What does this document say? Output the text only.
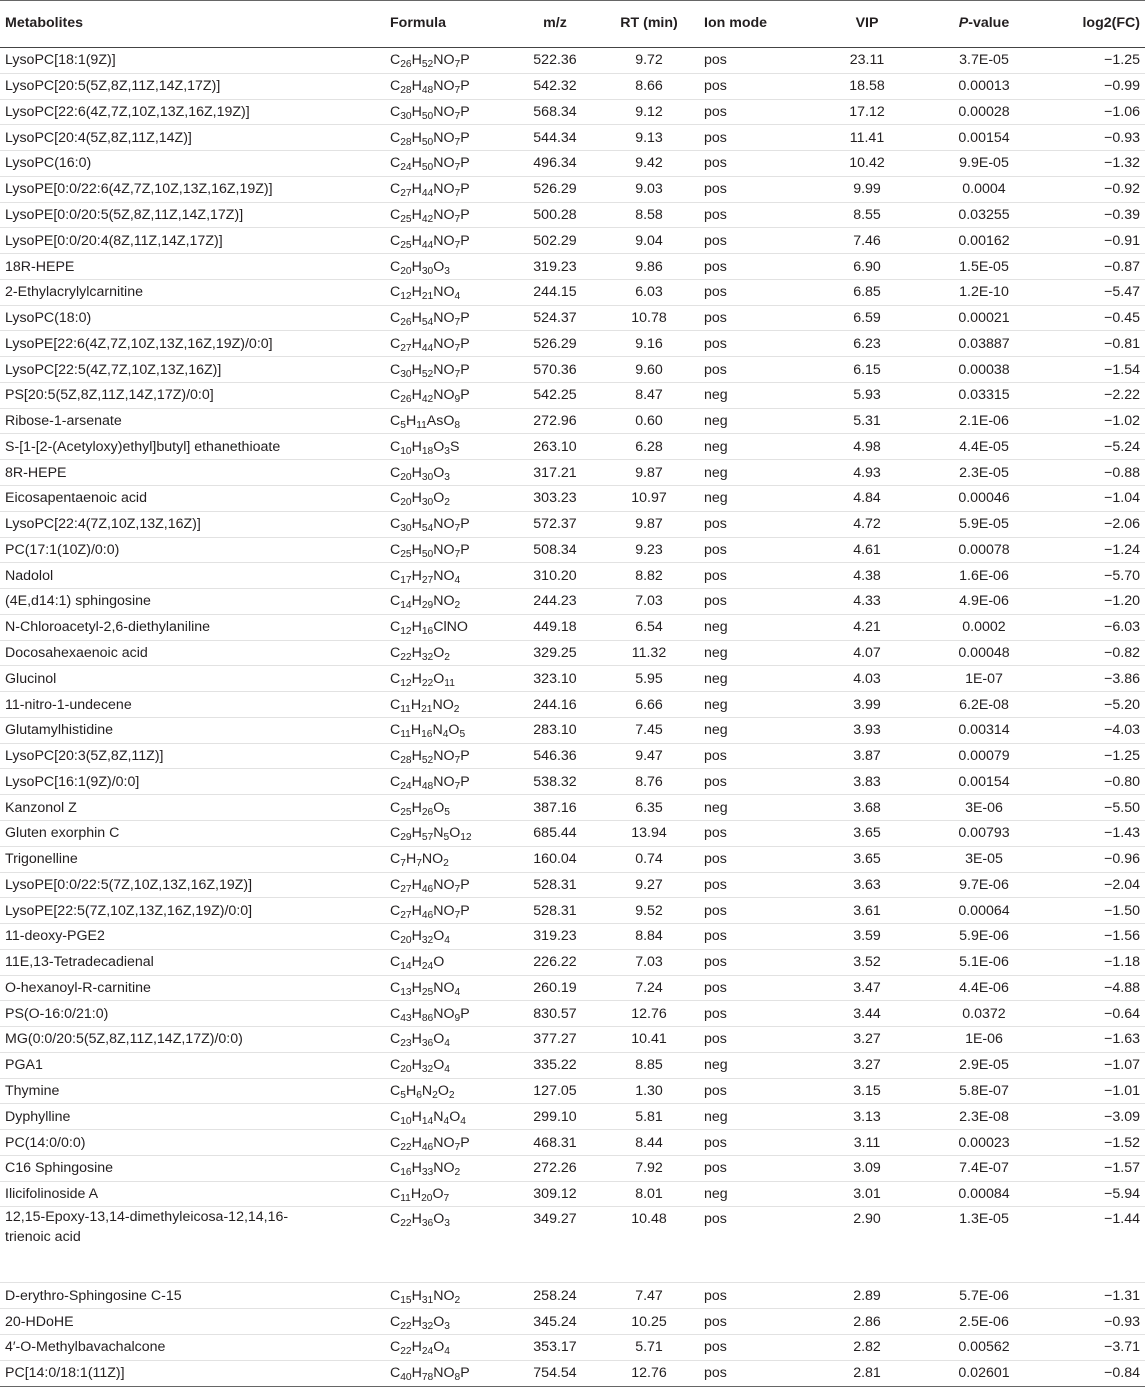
Metabolites	Formula	m/z	RT (min)	Ion mode	VIP	P-value	log2(FC)
LysoPC[18:1(9Z)]	$C_{26}H_{52}NO_7P$	522.36	9.72	pos	23.11	3.7E-05	−1.25
LysoPC[20:5(5Z,8Z,11Z,14Z,17Z)]	$C_{28}H_{48}NO_7P$	542.32	8.66	pos	18.58	0.00013	−0.99
LysoPC[22:6(4Z,7Z,10Z,13Z,16Z,19Z)]	$C_{30}H_{50}NO_7P$	568.34	9.12	pos	17.12	0.00028	−1.06
LysoPC[20:4(5Z,8Z,11Z,14Z)]	$C_{28}H_{50}NO_7P$	544.34	9.13	pos	11.41	0.00154	−0.93
LysoPC(16:0)	$C_{24}H_{50}NO_7P$	496.34	9.42	pos	10.42	9.9E-05	−1.32
LysoPE[0:0/22:6(4Z,7Z,10Z,13Z,16Z,19Z)]	$C_{27}H_{44}NO_7P$	526.29	9.03	pos	9.99	0.0004	−0.92
LysoPE[0:0/20:5(5Z,8Z,11Z,14Z,17Z)]	$C_{25}H_{42}NO_7P$	500.28	8.58	pos	8.55	0.03255	−0.39
LysoPE[0:0/20:4(8Z,11Z,14Z,17Z)]	$C_{25}H_{44}NO_7P$	502.29	9.04	pos	7.46	0.00162	−0.91
18R-HEPE	$C_{20}H_{30}O_3$	319.23	9.86	pos	6.90	1.5E-05	−0.87
2-Ethylacrylylcarnitine	$C_{12}H_{21}NO_4$	244.15	6.03	pos	6.85	1.2E-10	−5.47
LysoPC(18:0)	$C_{26}H_{54}NO_7P$	524.37	10.78	pos	6.59	0.00021	−0.45
LysoPE[22:6(4Z,7Z,10Z,13Z,16Z,19Z)/0:0]	$C_{27}H_{44}NO_7P$	526.29	9.16	pos	6.23	0.03887	−0.81
LysoPC[22:5(4Z,7Z,10Z,13Z,16Z)]	$C_{30}H_{52}NO_7P$	570.36	9.60	pos	6.15	0.00038	−1.54
PS[20:5(5Z,8Z,11Z,14Z,17Z)/0:0]	$C_{26}H_{42}NO_9P$	542.25	8.47	neg	5.93	0.03315	−2.22
Ribose-1-arsenate	$C_5H_{11}AsO_8$	272.96	0.60	neg	5.31	2.1E-06	−1.02
S-[1-[2-(Acetyloxy)ethyl]butyl] ethanethioate	$C_{10}H_{18}O_3S$	263.10	6.28	neg	4.98	4.4E-05	−5.24
8R-HEPE	$C_{20}H_{30}O_3$	317.21	9.87	neg	4.93	2.3E-05	−0.88
Eicosapentaenoic acid	$C_{20}H_{30}O_2$	303.23	10.97	neg	4.84	0.00046	−1.04
LysoPC[22:4(7Z,10Z,13Z,16Z)]	$C_{30}H_{54}NO_7P$	572.37	9.87	pos	4.72	5.9E-05	−2.06
PC(17:1(10Z)/0:0)	$C_{25}H_{50}NO_7P$	508.34	9.23	pos	4.61	0.00078	−1.24
Nadolol	$C_{17}H_{27}NO_4$	310.20	8.82	pos	4.38	1.6E-06	−5.70
(4E,d14:1) sphingosine	$C_{14}H_{29}NO_2$	244.23	7.03	pos	4.33	4.9E-06	−1.20
N-Chloroacetyl-2,6-diethylaniline	$C_{12}H_{16}ClNO$	449.18	6.54	neg	4.21	0.0002	−6.03
Docosahexaenoic acid	$C_{22}H_{32}O_2$	329.25	11.32	neg	4.07	0.00048	−0.82
Glucinol	$C_{12}H_{22}O_{11}$	323.10	5.95	neg	4.03	1E-07	−3.86
11-nitro-1-undecene	$C_{11}H_{21}NO_2$	244.16	6.66	neg	3.99	6.2E-08	−5.20
Glutamylhistidine	$C_{11}H_{16}N_4O_5$	283.10	7.45	neg	3.93	0.00314	−4.03
LysoPC[20:3(5Z,8Z,11Z)]	$C_{28}H_{52}NO_7P$	546.36	9.47	pos	3.87	0.00079	−1.25
LysoPC[16:1(9Z)/0:0]	$C_{24}H_{48}NO_7P$	538.32	8.76	pos	3.83	0.00154	−0.80
Kanzonol Z	$C_{25}H_{26}O_5$	387.16	6.35	neg	3.68	3E-06	−5.50
Gluten exorphin C	$C_{29}H_{57}N_5O_{12}$	685.44	13.94	pos	3.65	0.00793	−1.43
Trigonelline	$C_7H_7NO_2$	160.04	0.74	pos	3.65	3E-05	−0.96
LysoPE[0:0/22:5(7Z,10Z,13Z,16Z,19Z)]	$C_{27}H_{46}NO_7P$	528.31	9.27	pos	3.63	9.7E-06	−2.04
LysoPE[22:5(7Z,10Z,13Z,16Z,19Z)/0:0]	$C_{27}H_{46}NO_7P$	528.31	9.52	pos	3.61	0.00064	−1.50
11-deoxy-PGE2	$C_{20}H_{32}O_4$	319.23	8.84	pos	3.59	5.9E-06	−1.56
11E,13-Tetradecadienal	$C_{14}H_{24}O$	226.22	7.03	pos	3.52	5.1E-06	−1.18
O-hexanoyl-R-carnitine	$C_{13}H_{25}NO_4$	260.19	7.24	pos	3.47	4.4E-06	−4.88
PS(O-16:0/21:0)	$C_{43}H_{86}NO_9P$	830.57	12.76	pos	3.44	0.0372	−0.64
MG(0:0/20:5(5Z,8Z,11Z,14Z,17Z)/0:0)	$C_{23}H_{36}O_4$	377.27	10.41	pos	3.27	1E-06	−1.63
PGA1	$C_{20}H_{32}O_4$	335.22	8.85	neg	3.27	2.9E-05	−1.07
Thymine	$C_5H_6N_2O_2$	127.05	1.30	pos	3.15	5.8E-07	−1.01
Dyphylline	$C_{10}H_{14}N_4O_4$	299.10	5.81	neg	3.13	2.3E-08	−3.09
PC(14:0/0:0)	$C_{22}H_{46}NO_7P$	468.31	8.44	pos	3.11	0.00023	−1.52
C16 Sphingosine	$C_{16}H_{33}NO_2$	272.26	7.92	pos	3.09	7.4E-07	−1.57
Ilicifolinoside A	$C_{11}H_{20}O_7$	309.12	8.01	neg	3.01	0.00084	−5.94
12,15-Epoxy-13,14-dimethyleicosa-12,14,16-trienoic acid	$C_{22}H_{36}O_3$	349.27	10.48	pos	2.90	1.3E-05	−1.44
D-erythro-Sphingosine C-15	$C_{15}H_{31}NO_2$	258.24	7.47	pos	2.89	5.7E-06	−1.31
20-HDoHE	$C_{22}H_{32}O_3$	345.24	10.25	pos	2.86	2.5E-06	−0.93
4′-O-Methylbavachalcone	$C_{22}H_{24}O_4$	353.17	5.71	pos	2.82	0.00562	−3.71
PC[14:0/18:1(11Z)]	$C_{40}H_{78}NO_8P$	754.54	12.76	pos	2.81	0.02601	−0.84
